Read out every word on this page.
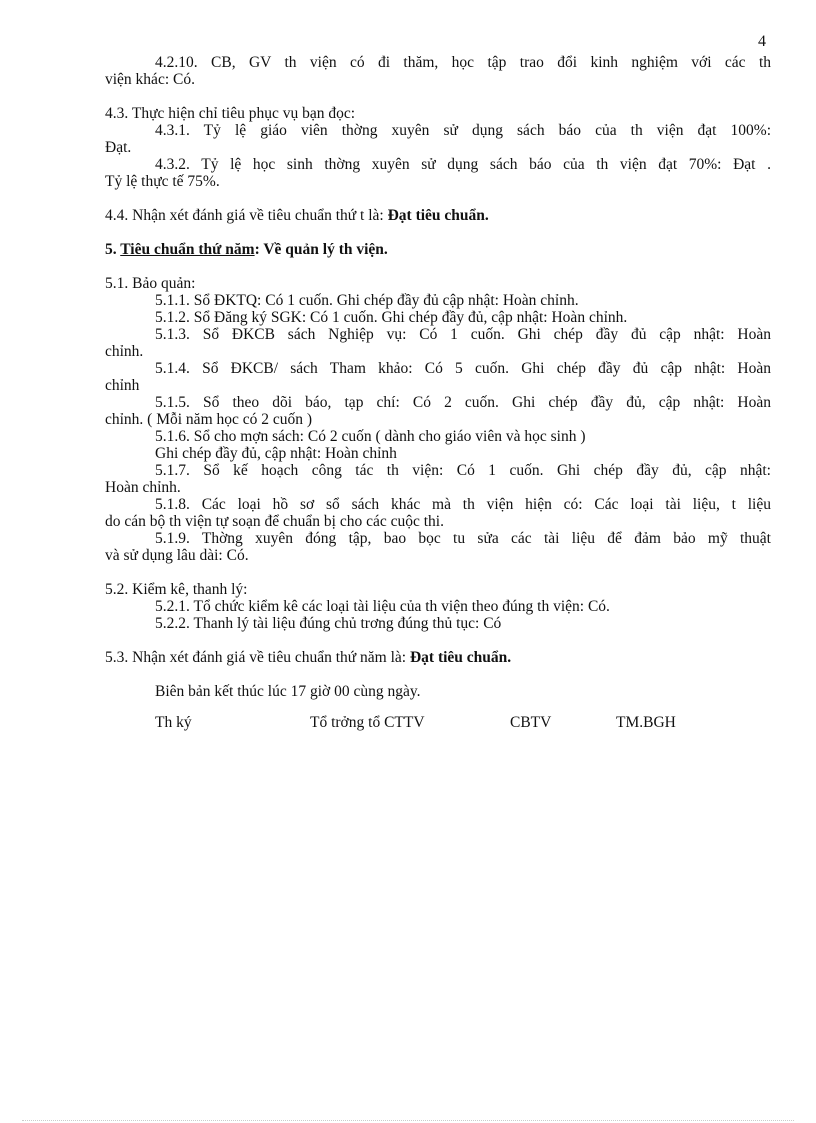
4

4.2.10. CB, GV th viện có đi thăm, học tập trao đổi kinh nghiệm với các th

viện khác: Có.

4.3. Thực hiện chỉ tiêu phục vụ bạn đọc:

4.3.1. Tỷ lệ giáo viên thờng xuyên sử dụng sách báo của th viện đạt 100%:

Đạt.

4.3.2. Tỷ lệ học sinh thờng xuyên sử dụng sách báo của th viện đạt 70%: Đạt .

Tỷ lệ thực tế 75%.

4.4. Nhận xét đánh giá về tiêu chuẩn thứ t là: Đạt tiêu chuẩn.

5. Tiêu chuẩn thứ năm: Về quản lý th viện.

5.1. Bảo quản:

5.1.1. Sổ ĐKTQ: Có 1 cuốn. Ghi chép đầy đủ cập nhật: Hoàn chỉnh.

5.1.2. Sổ Đăng ký SGK: Có 1 cuốn. Ghi chép đầy đủ, cập nhật: Hoàn chỉnh.

5.1.3. Sổ ĐKCB sách Nghiệp vụ: Có 1 cuốn. Ghi chép đầy đủ cập nhật: Hoàn

chỉnh.

5.1.4. Sổ ĐKCB/ sách Tham khảo: Có 5 cuốn. Ghi chép đầy đủ cập nhật: Hoàn

chỉnh

5.1.5. Sổ theo dõi báo, tạp chí: Có 2 cuốn. Ghi chép đầy đủ, cập nhật: Hoàn

chỉnh. ( Mỗi năm học có 2 cuốn )

5.1.6. Sổ cho mợn sách: Có 2 cuốn ( dành cho giáo viên và học sinh )

Ghi chép đầy đủ, cập nhật: Hoàn chỉnh

5.1.7. Sổ kế hoạch công tác th viện: Có 1 cuốn. Ghi chép đầy đủ, cập nhật:

Hoàn chỉnh.

5.1.8. Các loại hồ sơ sổ sách khác mà th viện hiện có: Các loại tài liệu, t liệu

do cán bộ th viện tự soạn để chuẩn bị cho các cuộc thi.

5.1.9. Thờng xuyên đóng tập, bao bọc tu sửa các tài liệu để đảm bảo mỹ thuật

và sử dụng lâu dài: Có.

5.2. Kiểm kê, thanh lý:

5.2.1. Tổ chức kiểm kê các loại tài liệu của th viện theo đúng th viện: Có.

5.2.2. Thanh lý tài liệu đúng chủ trơng đúng thủ tục: Có

5.3. Nhận xét đánh giá về tiêu chuẩn thứ năm là: Đạt tiêu chuẩn.

Biên bản kết thúc lúc 17 giờ 00 cùng ngày.

Th ký	Tổ trởng tổ CTTV	CBTV	TM.BGH
